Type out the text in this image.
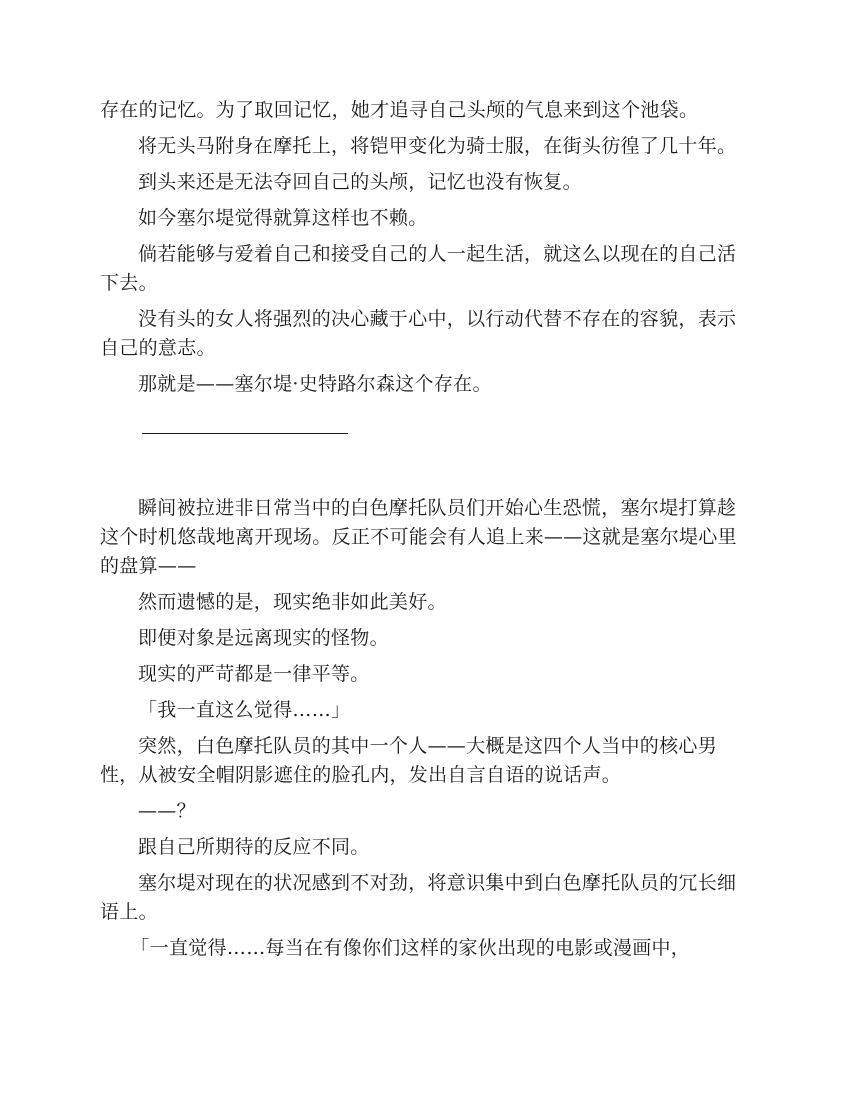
存在的记忆。为了取回记忆，她才追寻自己头颅的气息来到这个池袋。

将无头马附身在摩托上，将铠甲变化为骑士服，在街头彷徨了几十年。

到头来还是无法夺回自己的头颅，记忆也没有恢复。

如今塞尔堤觉得就算这样也不赖。

倘若能够与爱着自己和接受自己的人一起生活，就这么以现在的自己活下去。

没有头的女人将强烈的决心藏于心中，以行动代替不存在的容貌，表示自己的意志。

那就是——塞尔堤·史特路尔森这个存在。

瞬间被拉进非日常当中的白色摩托队员们开始心生恐慌，塞尔堤打算趁这个时机悠哉地离开现场。反正不可能会有人追上来——这就是塞尔堤心里的盘算——

然而遗憾的是，现实绝非如此美好。

即便对象是远离现实的怪物。

现实的严苛都是一律平等。

「我一直这么觉得……」

突然，白色摩托队员的其中一个人——大概是这四个人当中的核心男性，从被安全帽阴影遮住的脸孔内，发出自言自语的说话声。

——？

跟自己所期待的反应不同。

塞尔堤对现在的状况感到不对劲，将意识集中到白色摩托队员的冗长细语上。

「一直觉得……每当在有像你们这样的家伙出现的电影或漫画中，
